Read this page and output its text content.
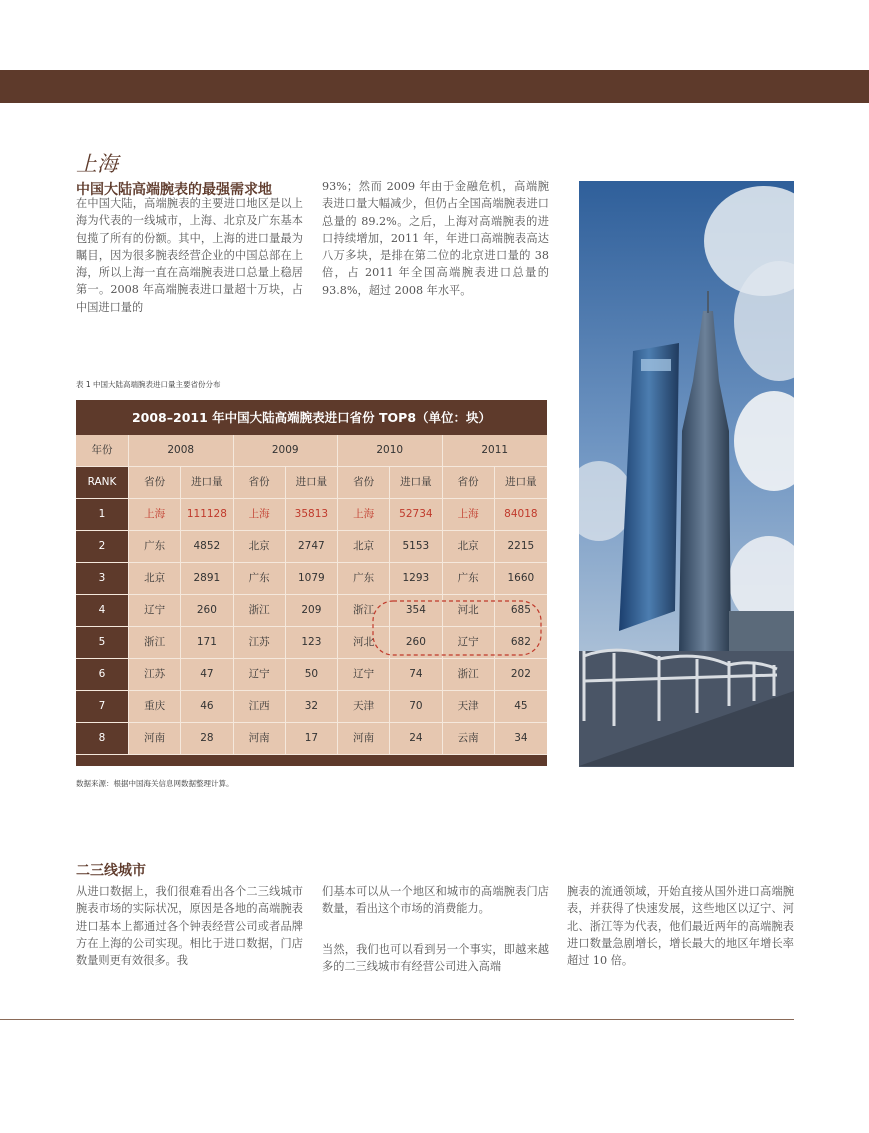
上海
中国大陆高端腕表的最强需求地
在中国大陆，高端腕表的主要进口地区是以上海为代表的一线城市，上海、北京及广东基本包揽了所有的份额。其中，上海的进口量最为瞩目，因为很多腕表经营企业的中国总部在上海，所以上海一直在高端腕表进口总量上稳居第一。2008 年高端腕表进口量超十万块，占中国进口量的
93%；然而 2009 年由于金融危机，高端腕表进口量大幅减少，但仍占全国高端腕表进口总量的 89.2%。之后，上海对高端腕表的进口持续增加，2011 年，年进口高端腕表高达八万多块，是排在第二位的北京进口量的 38 倍，占 2011 年全国高端腕表进口总量的 93.8%，超过 2008 年水平。
表 1 中国大陆高端腕表进口量主要省份分布
2008–2011 年中国大陆高端腕表进口省份 TOP8（单位：块）
年份	2008	2009	2010	2011
RANK	省份	进口量	省份	进口量	省份	进口量	省份	进口量
1	上海	111128	上海	35813	上海	52734	上海	84018
2	广东	4852	北京	2747	北京	5153	北京	2215
3	北京	2891	广东	1079	广东	1293	广东	1660
4	辽宁	260	浙江	209	浙江	354	河北	685
5	浙江	171	江苏	123	河北	260	辽宁	682
6	江苏	47	辽宁	50	辽宁	74	浙江	202
7	重庆	46	江西	32	天津	70	天津	45
8	河南	28	河南	17	河南	24	云南	34
数据来源：根据中国海关信息网数据整理计算。
二三线城市
从进口数据上，我们很难看出各个二三线城市腕表市场的实际状况，原因是各地的高端腕表进口基本上都通过各个钟表经营公司或者品牌方在上海的公司实现。相比于进口数据，门店数量则更有效很多。我
们基本可以从一个地区和城市的高端腕表门店数量，看出这个市场的消费能力。
当然，我们也可以看到另一个事实，即越来越多的二三线城市有经营公司进入高端
腕表的流通领域，开始直接从国外进口高端腕表，并获得了快速发展，这些地区以辽宁、河北、浙江等为代表，他们最近两年的高端腕表进口数量急剧增长，增长最大的地区年增长率超过 10 倍。
